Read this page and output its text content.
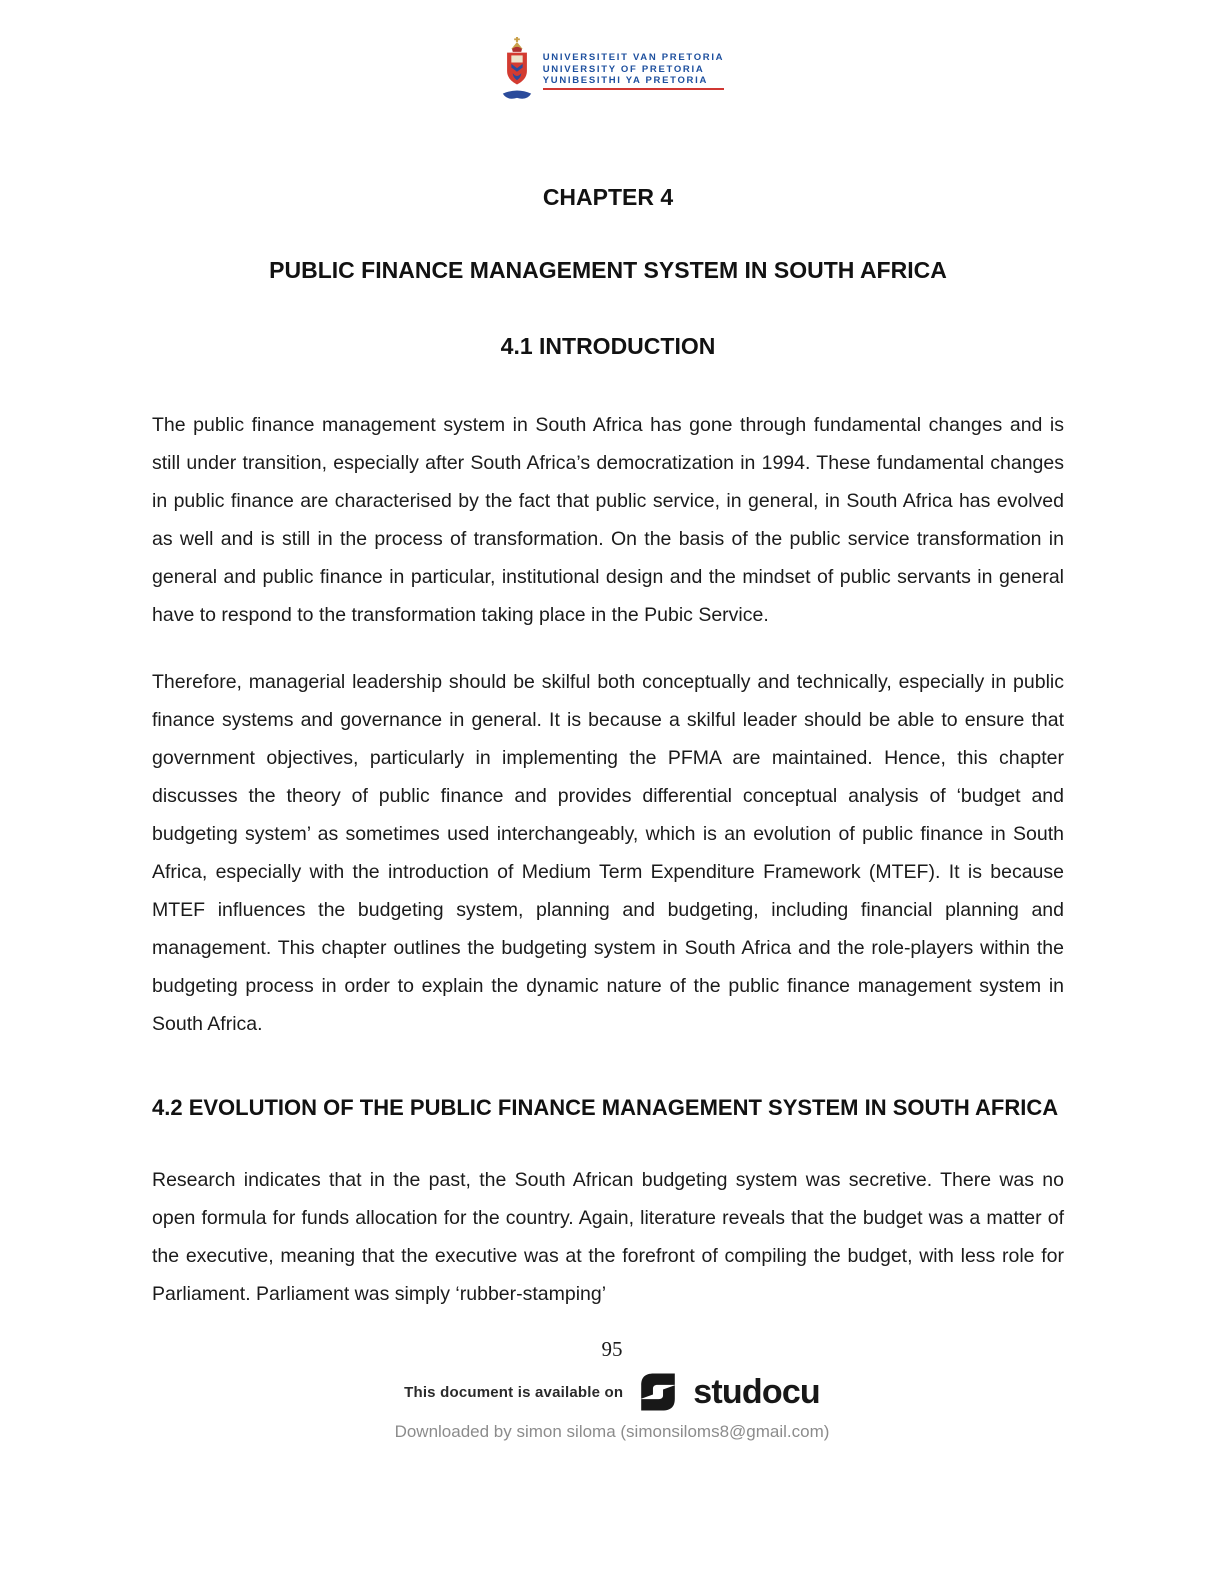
UNIVERSITEIT VAN PRETORIA
UNIVERSITY OF PRETORIA
YUNIBESITHI YA PRETORIA
CHAPTER 4
PUBLIC FINANCE MANAGEMENT SYSTEM IN SOUTH AFRICA
4.1 INTRODUCTION

The public finance management system in South Africa has gone through fundamental changes and is still under transition, especially after South Africa’s democratization in 1994. These fundamental changes in public finance are characterised by the fact that public service, in general, in South Africa has evolved as well and is still in the process of transformation. On the basis of the public service transformation in general and public finance in particular, institutional design and the mindset of public servants in general have to respond to the transformation taking place in the Pubic Service.

Therefore, managerial leadership should be skilful both conceptually and technically, especially in public finance systems and governance in general. It is because a skilful leader should be able to ensure that government objectives, particularly in implementing the PFMA are maintained. Hence, this chapter discusses the theory of public finance and provides differential conceptual analysis of ‘budget and budgeting system’ as sometimes used interchangeably, which is an evolution of public finance in South Africa, especially with the introduction of Medium Term Expenditure Framework (MTEF). It is because MTEF influences the budgeting system, planning and budgeting, including financial planning and management. This chapter outlines the budgeting system in South Africa and the role-players within the budgeting process in order to explain the dynamic nature of the public finance management system in South Africa.

4.2 EVOLUTION OF THE PUBLIC FINANCE MANAGEMENT SYSTEM IN SOUTH AFRICA

Research indicates that in the past, the South African budgeting system was secretive. There was no open formula for funds allocation for the country. Again, literature reveals that the budget was a matter of the executive, meaning that the executive was at the forefront of compiling the budget, with less role for Parliament. Parliament was simply ‘rubber-stamping’

95
This document is available on studocu
Downloaded by simon siloma (simonsiloms8@gmail.com)
